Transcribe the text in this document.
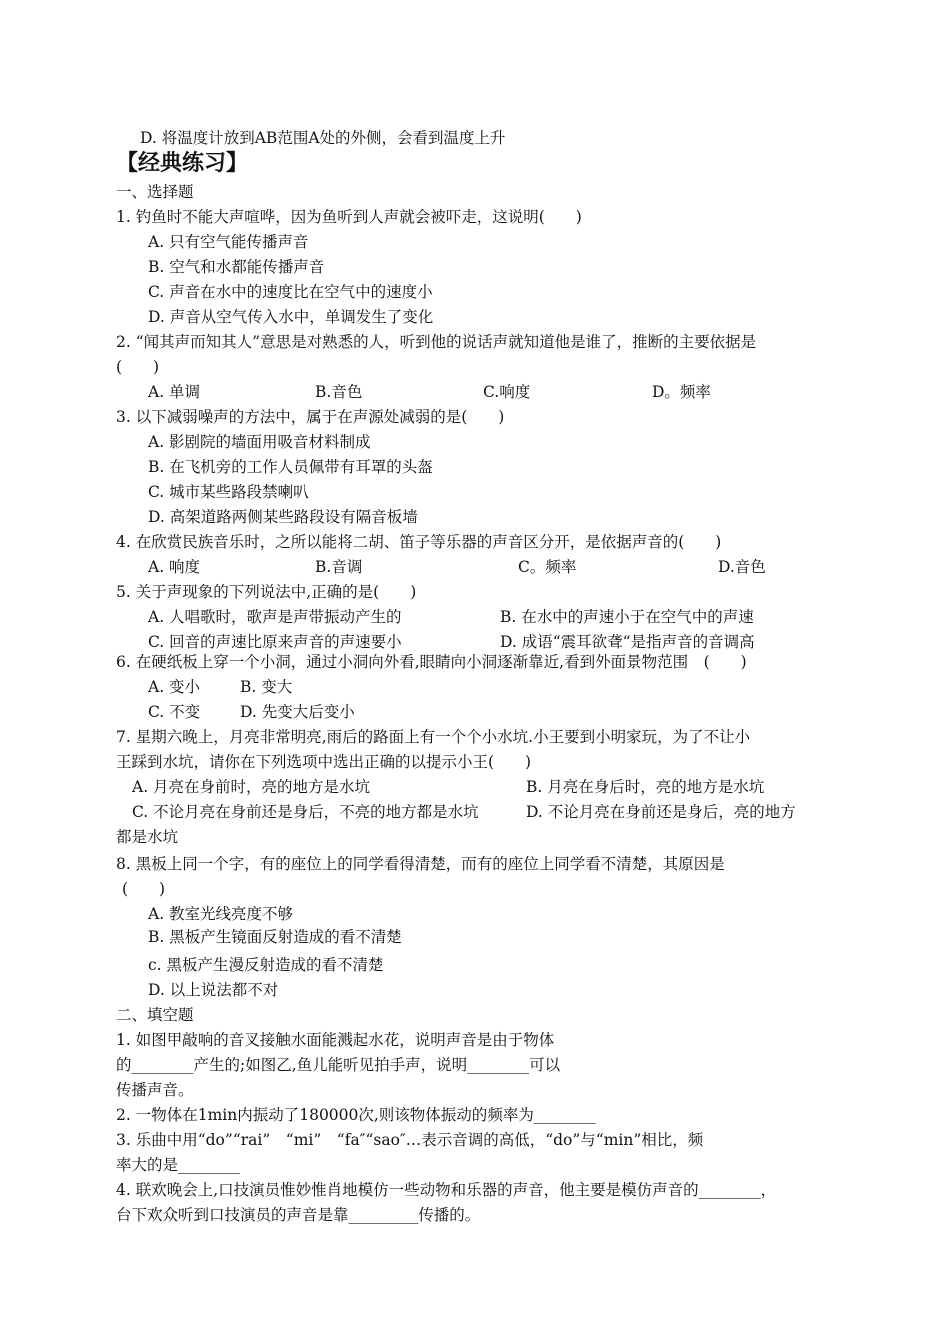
D. 将温度计放到AB范围A处的外侧，会看到温度上升
【经典练习】
一、选择题
1. 钓鱼时不能大声喧哗，因为鱼听到人声就会被吓走，这说明(　　)
A. 只有空气能传播声音
B. 空气和水都能传播声音
C. 声音在水中的速度比在空气中的速度小
D. 声音从空气传入水中，单调发生了变化
2. “闻其声而知其人”意思是对熟悉的人，听到他的说话声就知道他是谁了，推断的主要依据是
(　　)
A. 单调	B.音色	C.响度	D。频率
3. 以下减弱噪声的方法中，属于在声源处减弱的是(　　)
A. 影剧院的墙面用吸音材料制成
B. 在飞机旁的工作人员佩带有耳罩的头盔
C. 城市某些路段禁喇叭
D. 高架道路两侧某些路段设有隔音板墙
4. 在欣赏民族音乐时，之所以能将二胡、笛子等乐器的声音区分开，是依据声音的(　　)
A. 响度	B.音调	C。频率	D.音色
5. 关于声现象的下列说法中,正确的是(　　)
A. 人唱歌时，歌声是声带振动产生的	B. 在水中的声速小于在空气中的声速
C. 回音的声速比原来声音的声速要小	D. 成语“震耳欲聋“是指声音的音调高
6. 在硬纸板上穿一个小洞，通过小洞向外看,眼睛向小洞逐渐靠近,看到外面景物范围　(　　)
A. 变小	B. 变大
C. 不变	D. 先变大后变小
7. 星期六晚上，月亮非常明亮,雨后的路面上有一个个小水坑.小王要到小明家玩，为了不让小
王踩到水坑，请你在下列选项中选出正确的以提示小王(　　)
A. 月亮在身前时，亮的地方是水坑	B. 月亮在身后时，亮的地方是水坑
C. 不论月亮在身前还是身后，不亮的地方都是水坑	D. 不论月亮在身前还是身后，亮的地方
都是水坑
8. 黑板上同一个字，有的座位上的同学看得清楚，而有的座位上同学看不清楚，其原因是
(　　)
A. 教室光线亮度不够
B. 黑板产生镜面反射造成的看不清楚
c. 黑板产生漫反射造成的看不清楚
D. 以上说法都不对
二、填空题
1. 如图甲敲响的音叉接触水面能溅起水花，说明声音是由于物体
的________产生的;如图乙,鱼儿能听见拍手声，说明________可以
传播声音。
2. 一物体在1min内振动了180000次,则该物体振动的频率为________
3. 乐曲中用“do”“rai”　“mi”　“fa″“sao″…表示音调的高低，“do”与“min”相比，频
率大的是________
4. 联欢晚会上,口技演员惟妙惟肖地模仿一些动物和乐器的声音，他主要是模仿声音的________，
台下欢众听到口技演员的声音是靠_________传播的。
